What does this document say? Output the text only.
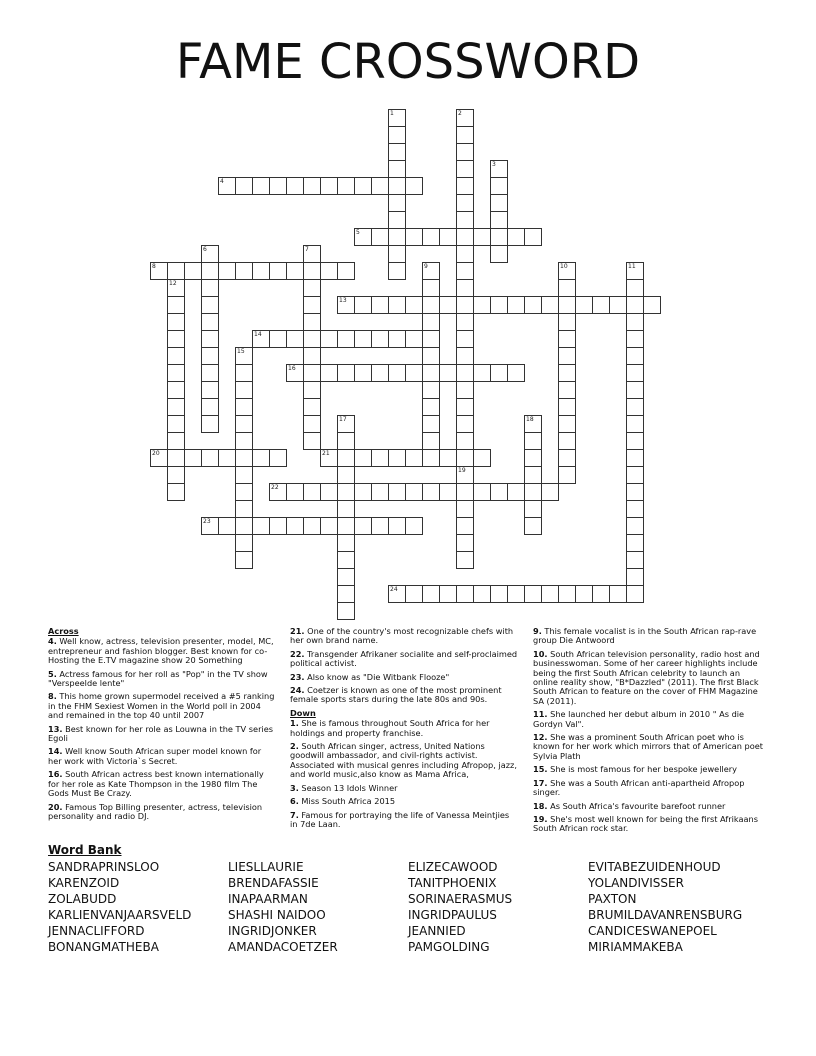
FAME CROSSWORD
4
5
8
13
14
16
20	21
22
23
24
1	2
19
3
6	7
9	10	11
12
15
17	18
Across
4. Well know, actress, television presenter, model, MC, entrepreneur and fashion blogger. Best known for co-Hosting the E.TV magazine show 20 Something
5. Actress famous for her roll as "Pop" in the TV show "Verspeelde lente"
8. This home grown supermodel received a #5 ranking in the FHM Sexiest Women in the World poll in 2004 and remained in the top 40 until 2007
13. Best known for her role as Louwna in the TV series Egoli
14. Well know South African super model known for her work with Victoria`s Secret.
16. South African actress best known internationally for her role as Kate Thompson in the 1980 film The Gods Must Be Crazy.
20. Famous Top Billing presenter, actress, television personality and radio DJ.
21. One of the country's most recognizable chefs with her own brand name.
22. Transgender Afrikaner socialite and self-proclaimed political activist.
23. Also know as "Die Witbank Flooze"
24. Coetzer is known as one of the most prominent female sports stars during the late 80s and 90s.
Down
1. She is famous throughout South Africa for her holdings and property franchise.
2. South African singer, actress, United Nations goodwill ambassador, and civil-rights activist. Associated with musical genres including Afropop, jazz, and world music,also know as Mama Africa,
3. Season 13 Idols Winner
6. Miss South Africa 2015
7. Famous for portraying the life of Vanessa Meintjies in 7de Laan.
9. This female vocalist is in the South African rap-rave group Die Antwoord
10. South African television personality, radio host and businesswoman. Some of her career highlights include being the first South African celebrity to launch an online reality show, "B*Dazzled" (2011). The first Black South African to feature on the cover of FHM Magazine SA (2011).
11. She launched her debut album in 2010 " As die Gordyn Val".
12. She was a prominent South African poet who is known for her work which mirrors that of American poet Sylvia Plath
15. She is most famous for her bespoke jewellery
17. She was a South African anti-apartheid Afropop singer.
18. As South Africa's favourite barefoot runner
19. She's most well known for being the first Afrikaans South African rock star.
Word Bank
SANDRAPRINSLOO
KARENZOID
ZOLABUDD
KARLIENVANJAARSVELD
JENNACLIFFORD
BONANGMATHEBA
LIESLLAURIE
BRENDAFASSIE
INAPAARMAN
SHASHI NAIDOO
INGRIDJONKER
AMANDACOETZER
ELIZECAWOOD
TANITPHOENIX
SORINAERASMUS
INGRIDPAULUS
JEANNIED
PAMGOLDING
EVITABEZUIDENHOUD
YOLANDIVISSER
PAXTON
BRUMILDAVANRENSBURG
CANDICESWANEPOEL
MIRIAMMAKEBA
